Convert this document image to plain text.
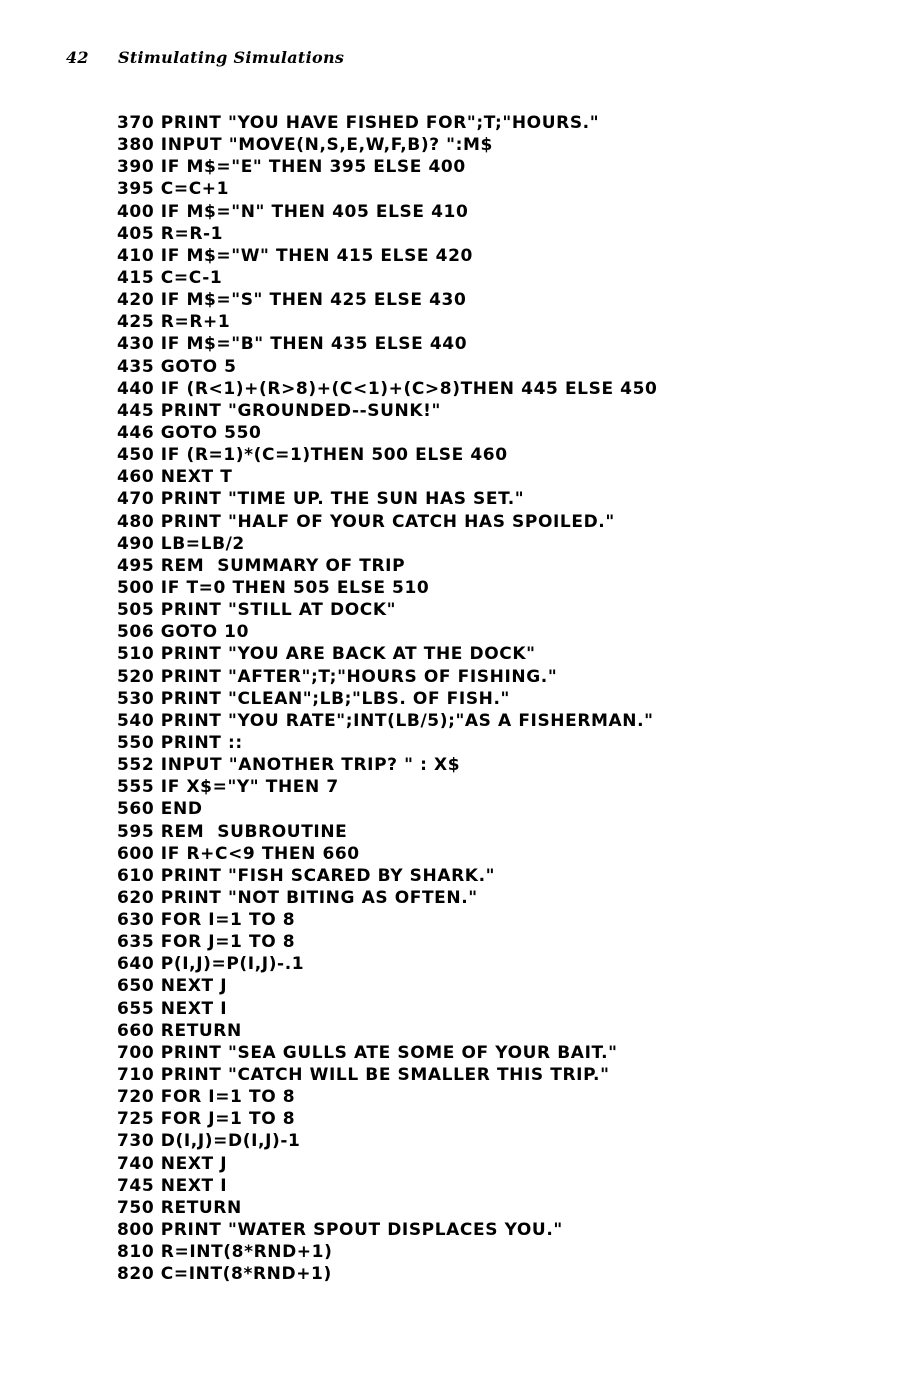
42 Stimulating Simulations
370 PRINT "YOU HAVE FISHED FOR";T;"HOURS."
380 INPUT "MOVE(N,S,E,W,F,B)? ":M$
390 IF M$="E" THEN 395 ELSE 400
395 C=C+1
400 IF M$="N" THEN 405 ELSE 410
405 R=R-1
410 IF M$="W" THEN 415 ELSE 420
415 C=C-1
420 IF M$="S" THEN 425 ELSE 430
425 R=R+1
430 IF M$="B" THEN 435 ELSE 440
435 GOTO 5
440 IF (R<1)+(R>8)+(C<1)+(C>8)THEN 445 ELSE 450
445 PRINT "GROUNDED--SUNK!"
446 GOTO 550
450 IF (R=1)*(C=1)THEN 500 ELSE 460
460 NEXT T
470 PRINT "TIME UP. THE SUN HAS SET."
480 PRINT "HALF OF YOUR CATCH HAS SPOILED."
490 LB=LB/2
495 REM  SUMMARY OF TRIP
500 IF T=0 THEN 505 ELSE 510
505 PRINT "STILL AT DOCK"
506 GOTO 10
510 PRINT "YOU ARE BACK AT THE DOCK"
520 PRINT "AFTER";T;"HOURS OF FISHING."
530 PRINT "CLEAN";LB;"LBS. OF FISH."
540 PRINT "YOU RATE";INT(LB/5);"AS A FISHERMAN."
550 PRINT ::
552 INPUT "ANOTHER TRIP? " : X$
555 IF X$="Y" THEN 7
560 END
595 REM  SUBROUTINE
600 IF R+C<9 THEN 660
610 PRINT "FISH SCARED BY SHARK."
620 PRINT "NOT BITING AS OFTEN."
630 FOR I=1 TO 8
635 FOR J=1 TO 8
640 P(I,J)=P(I,J)-.1
650 NEXT J
655 NEXT I
660 RETURN
700 PRINT "SEA GULLS ATE SOME OF YOUR BAIT."
710 PRINT "CATCH WILL BE SMALLER THIS TRIP."
720 FOR I=1 TO 8
725 FOR J=1 TO 8
730 D(I,J)=D(I,J)-1
740 NEXT J
745 NEXT I
750 RETURN
800 PRINT "WATER SPOUT DISPLACES YOU."
810 R=INT(8*RND+1)
820 C=INT(8*RND+1)
